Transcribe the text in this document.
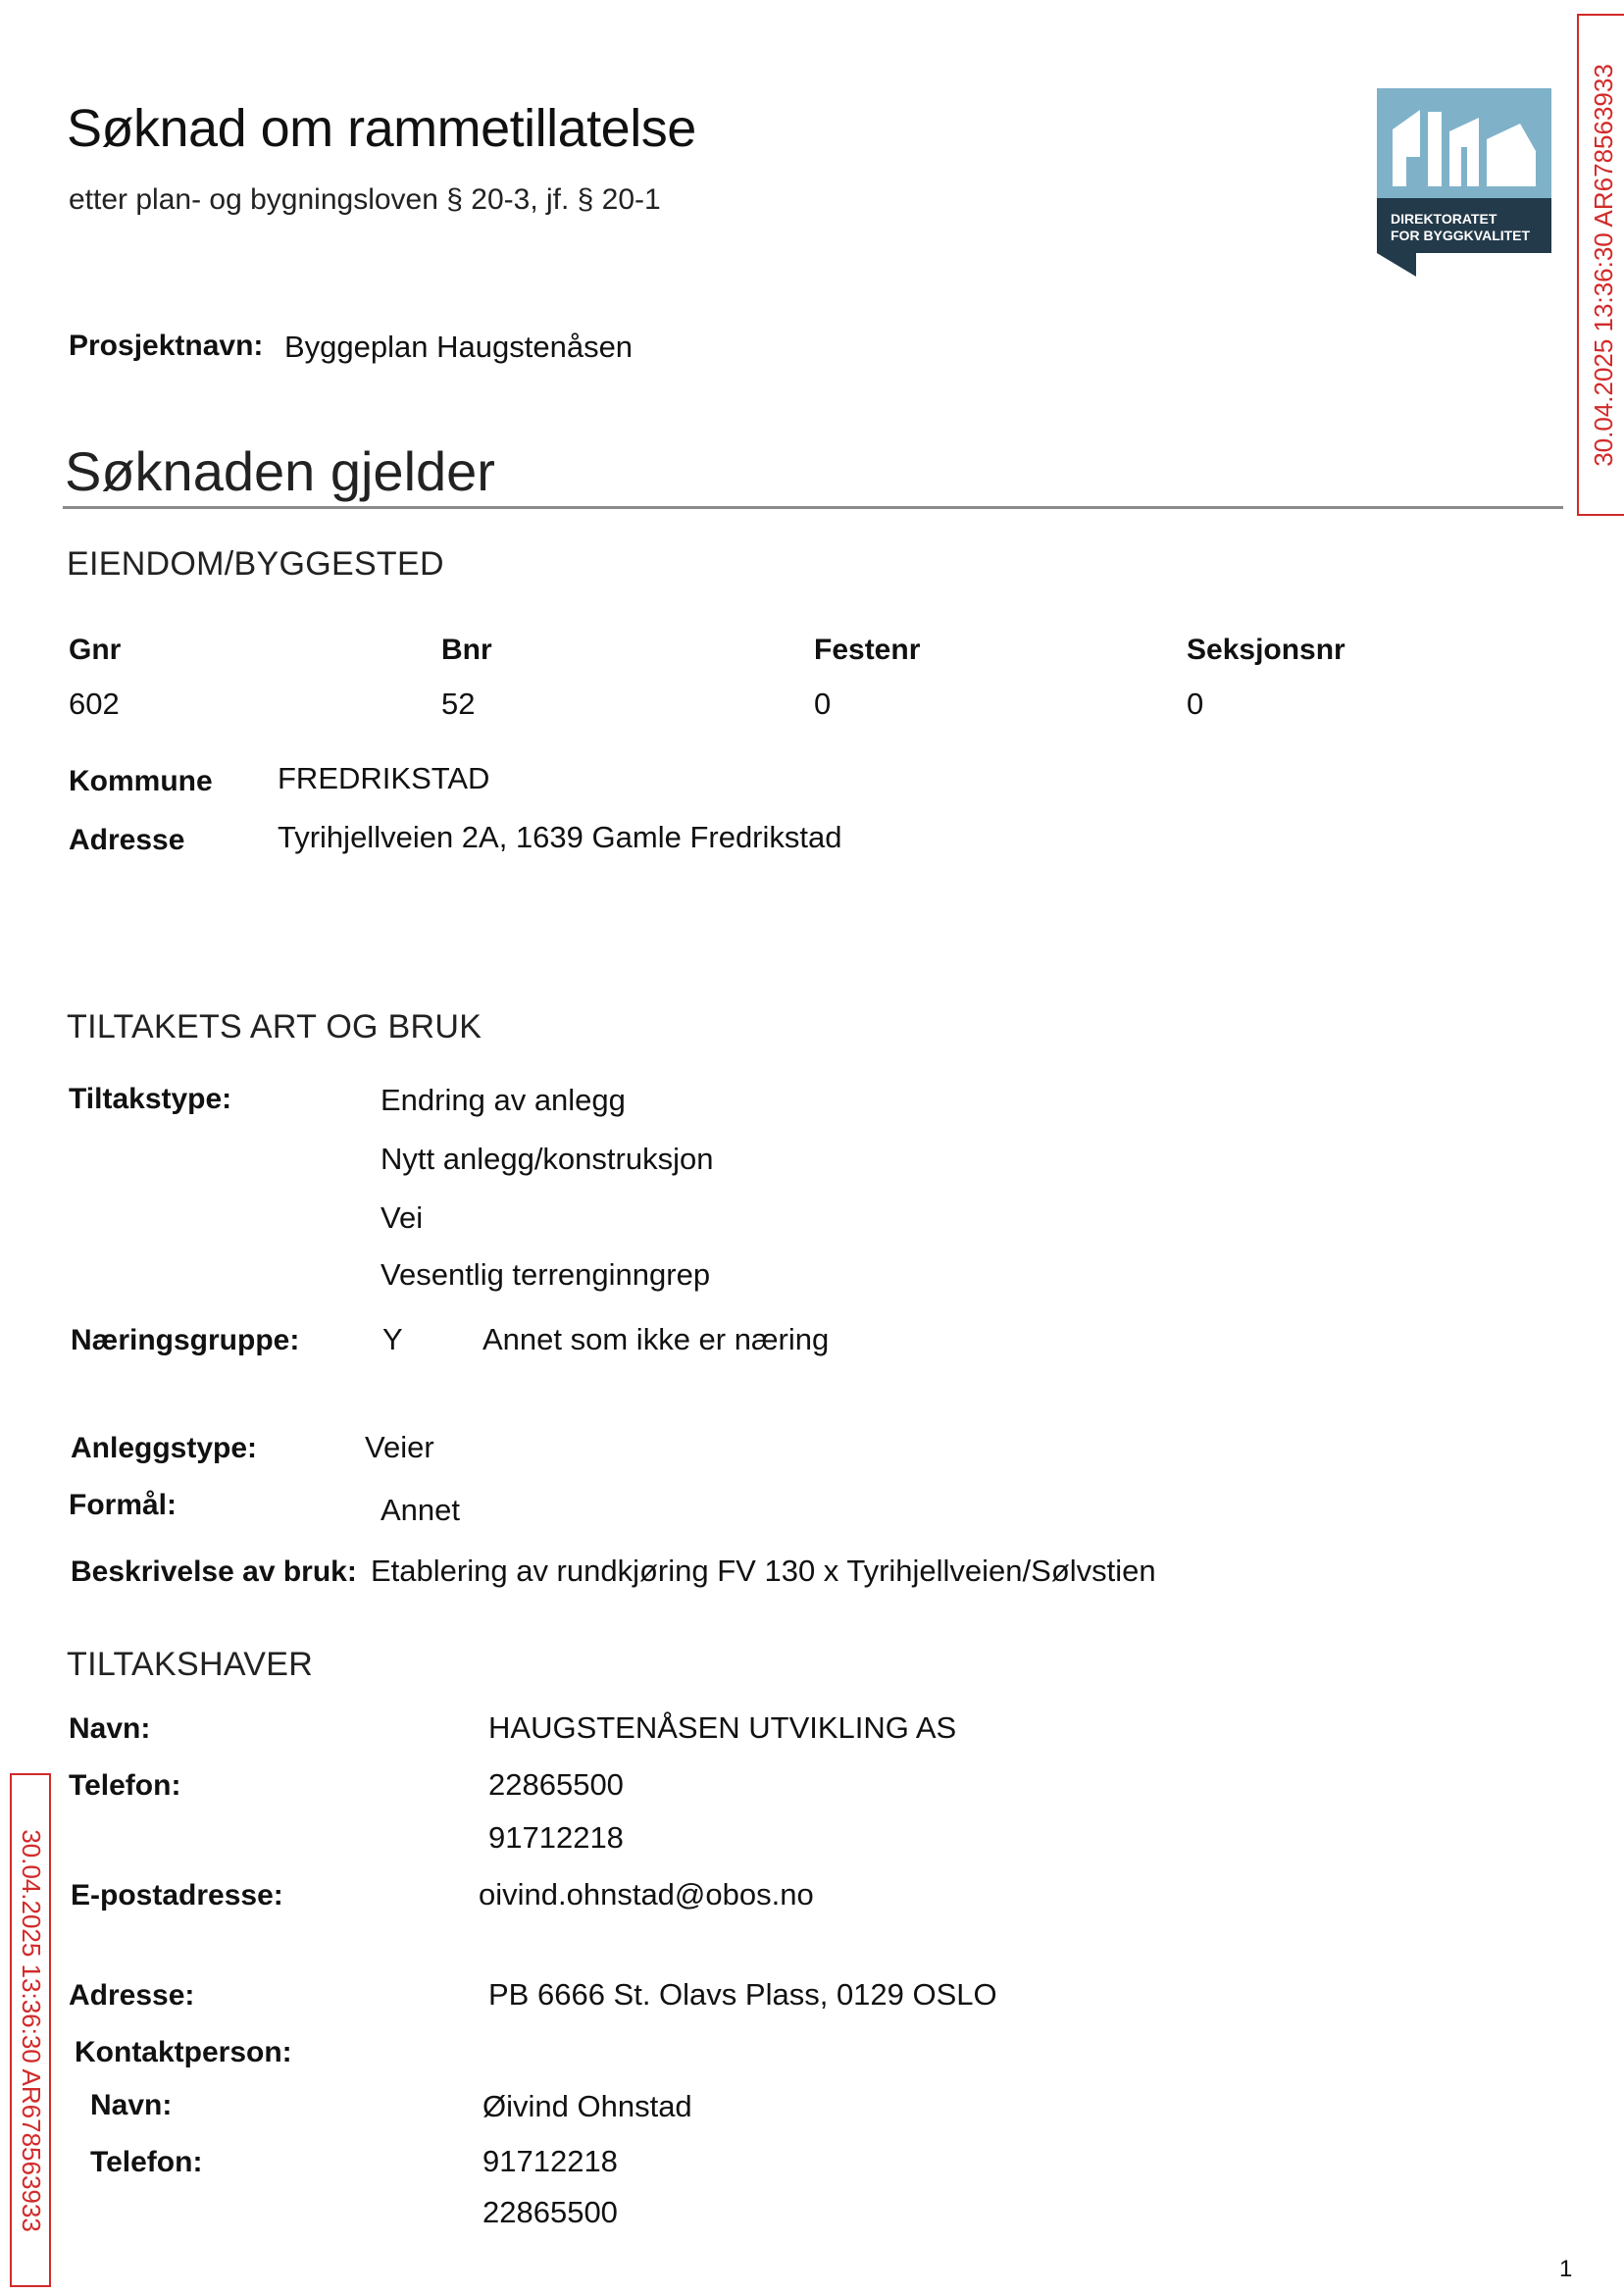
Søknad om rammetillatelse
etter plan- og bygningsloven § 20-3, jf. § 20-1
DIREKTORATET
FOR BYGGKVALITET 30.04.2025 13:36:30 AR678563933
Prosjektnavn: Byggeplan Haugstenåsen
Søknaden gjelder
EIENDOM/BYGGESTED
Gnr	Bnr	Festenr	Seksjonsnr
602	52	0	0
Kommune FREDRIKSTAD
Adresse	Tyrihjellveien 2A, 1639 Gamle Fredrikstad
TILTAKETS ART OG BRUK
Tiltakstype:	Endring av anlegg
Nytt anlegg/konstruksjon
Vei
Vesentlig terrenginngrep
Næringsgruppe:	Y	Annet som ikke er næring
Anleggstype:	Veier
Formål:	Annet
Beskrivelse av bruk: Etablering av rundkjøring FV 130 x Tyrihjellveien/Sølvstien
TILTAKSHAVER
Navn:	HAUGSTENÅSEN UTVIKLING AS
Telefon:	22865500
91712218
E-postadresse:	oivind.ohnstad@obos.no
Adresse:	PB 6666 St. Olavs Plass, 0129 OSLO
Kontaktperson:
Navn:	Øivind Ohnstad
Telefon:	91712218
22865500
30.04.2025 13:36:30 AR678563933
1
